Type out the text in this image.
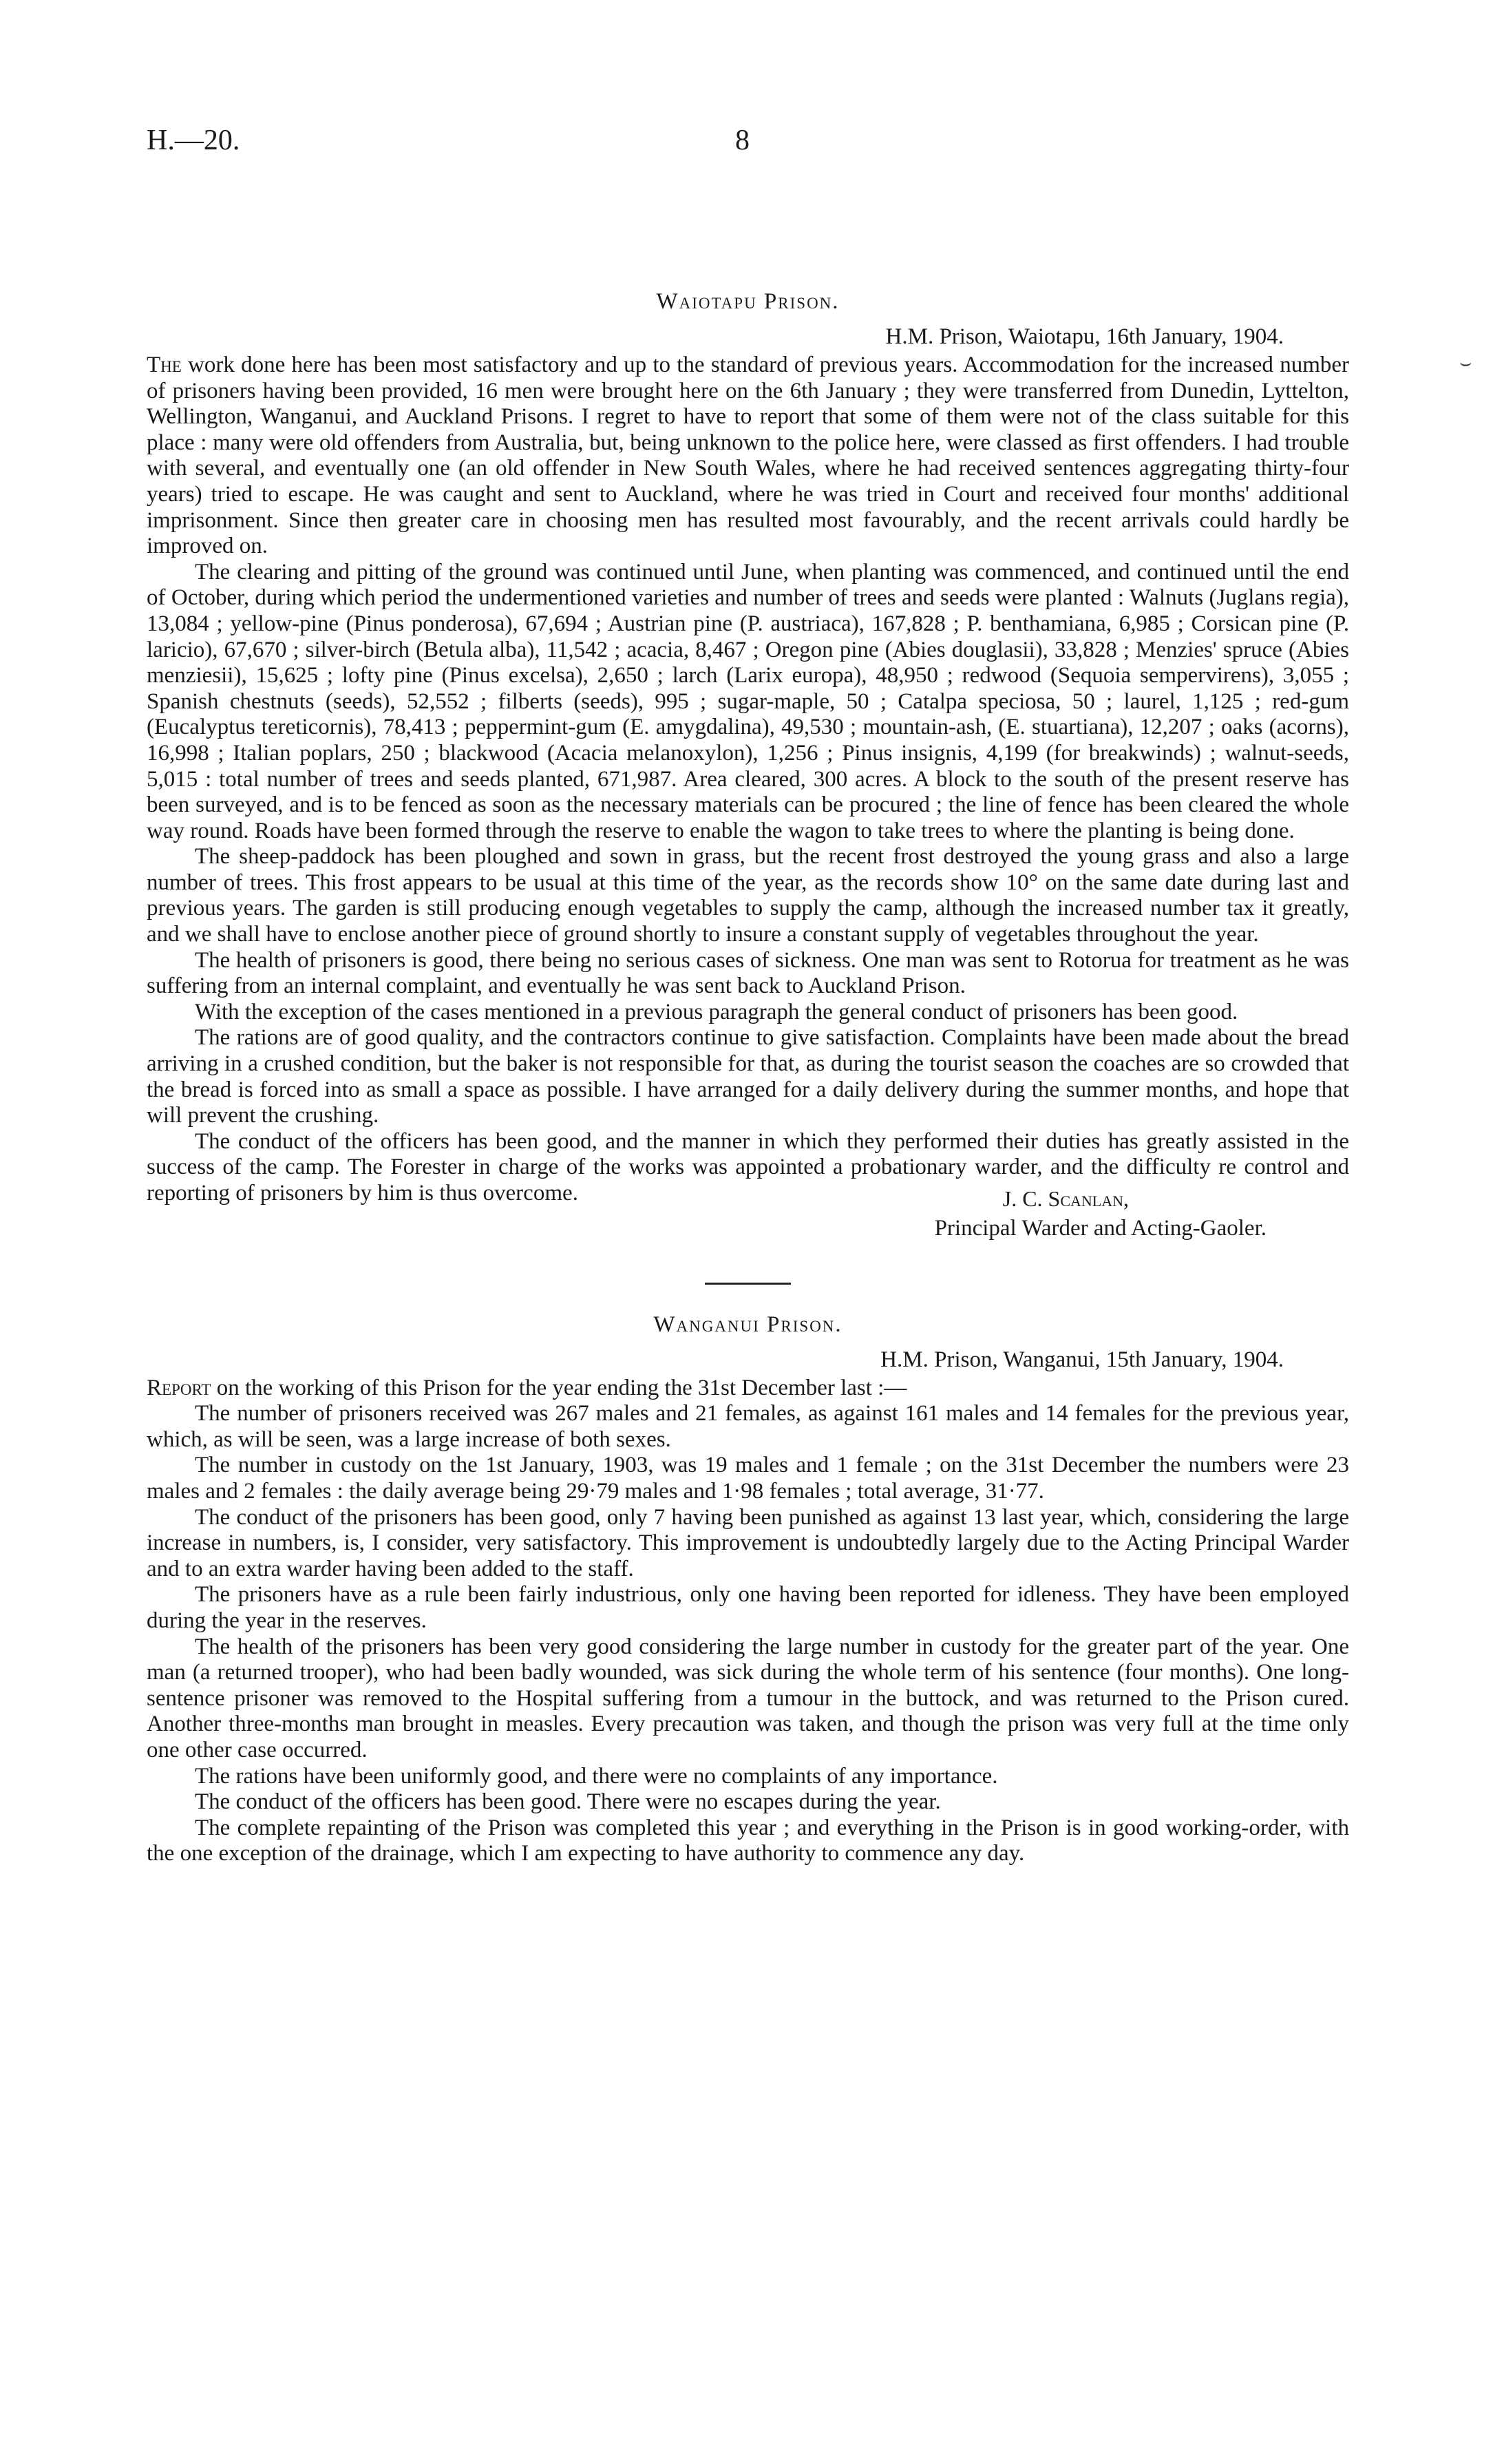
H.—20.	8
⌣
Waiotapu Prison.
H.M. Prison, Waiotapu, 16th January, 1904.

The work done here has been most satisfactory and up to the standard of previous years. Accommodation for the increased number of prisoners having been provided, 16 men were brought here on the 6th January ; they were transferred from Dunedin, Lyttelton, Wellington, Wanganui, and Auckland Prisons. I regret to have to report that some of them were not of the class suitable for this place : many were old offenders from Australia, but, being unknown to the police here, were classed as first offenders. I had trouble with several, and eventually one (an old offender in New South Wales, where he had received sentences aggregating thirty-four years) tried to escape. He was caught and sent to Auckland, where he was tried in Court and received four months' additional imprisonment. Since then greater care in choosing men has resulted most favourably, and the recent arrivals could hardly be improved on.

The clearing and pitting of the ground was continued until June, when planting was commenced, and continued until the end of October, during which period the undermentioned varieties and number of trees and seeds were planted : Walnuts (Juglans regia), 13,084 ; yellow-pine (Pinus ponderosa), 67,694 ; Austrian pine (P. austriaca), 167,828 ; P. benthamiana, 6,985 ; Corsican pine (P. laricio), 67,670 ; silver-birch (Betula alba), 11,542 ; acacia, 8,467 ; Oregon pine (Abies douglasii), 33,828 ; Menzies' spruce (Abies menziesii), 15,625 ; lofty pine (Pinus excelsa), 2,650 ; larch (Larix europa), 48,950 ; redwood (Sequoia sempervirens), 3,055 ; Spanish chestnuts (seeds), 52,552 ; filberts (seeds), 995 ; sugar-maple, 50 ; Catalpa speciosa, 50 ; laurel, 1,125 ; red-gum (Eucalyptus tereticornis), 78,413 ; peppermint-gum (E. amygdalina), 49,530 ; mountain-ash, (E. stuartiana), 12,207 ; oaks (acorns), 16,998 ; Italian poplars, 250 ; blackwood (Acacia melanoxylon), 1,256 ; Pinus insignis, 4,199 (for breakwinds) ; walnut-seeds, 5,015 : total number of trees and seeds planted, 671,987. Area cleared, 300 acres. A block to the south of the present reserve has been surveyed, and is to be fenced as soon as the necessary materials can be procured ; the line of fence has been cleared the whole way round. Roads have been formed through the reserve to enable the wagon to take trees to where the planting is being done.

The sheep-paddock has been ploughed and sown in grass, but the recent frost destroyed the young grass and also a large number of trees. This frost appears to be usual at this time of the year, as the records show 10° on the same date during last and previous years. The garden is still producing enough vegetables to supply the camp, although the increased number tax it greatly, and we shall have to enclose another piece of ground shortly to insure a constant supply of vegetables throughout the year.

The health of prisoners is good, there being no serious cases of sickness. One man was sent to Rotorua for treatment as he was suffering from an internal complaint, and eventually he was sent back to Auckland Prison.

With the exception of the cases mentioned in a previous paragraph the general conduct of prisoners has been good.

The rations are of good quality, and the contractors continue to give satisfaction. Complaints have been made about the bread arriving in a crushed condition, but the baker is not responsible for that, as during the tourist season the coaches are so crowded that the bread is forced into as small a space as possible. I have arranged for a daily delivery during the summer months, and hope that will prevent the crushing.

The conduct of the officers has been good, and the manner in which they performed their duties has greatly assisted in the success of the camp. The Forester in charge of the works was appointed a probationary warder, and the difficulty re control and reporting of prisoners by him is thus overcome.	J. C. Scanlan,
Principal Warder and Acting-Gaoler.
Wanganui Prison.
H.M. Prison, Wanganui, 15th January, 1904.

Report on the working of this Prison for the year ending the 31st December last :—

The number of prisoners received was 267 males and 21 females, as against 161 males and 14 females for the previous year, which, as will be seen, was a large increase of both sexes.

The number in custody on the 1st January, 1903, was 19 males and 1 female ; on the 31st December the numbers were 23 males and 2 females : the daily average being 29·79 males and 1·98 females ; total average, 31·77.

The conduct of the prisoners has been good, only 7 having been punished as against 13 last year, which, considering the large increase in numbers, is, I consider, very satisfactory. This improvement is undoubtedly largely due to the Acting Principal Warder and to an extra warder having been added to the staff.

The prisoners have as a rule been fairly industrious, only one having been reported for idleness. They have been employed during the year in the reserves.

The health of the prisoners has been very good considering the large number in custody for the greater part of the year. One man (a returned trooper), who had been badly wounded, was sick during the whole term of his sentence (four months). One long-sentence prisoner was removed to the Hospital suffering from a tumour in the buttock, and was returned to the Prison cured. Another three-months man brought in measles. Every precaution was taken, and though the prison was very full at the time only one other case occurred.

The rations have been uniformly good, and there were no complaints of any importance.

The conduct of the officers has been good. There were no escapes during the year.

The complete repainting of the Prison was completed this year ; and everything in the Prison is in good working-order, with the one exception of the drainage, which I am expecting to have authority to commence any day.
